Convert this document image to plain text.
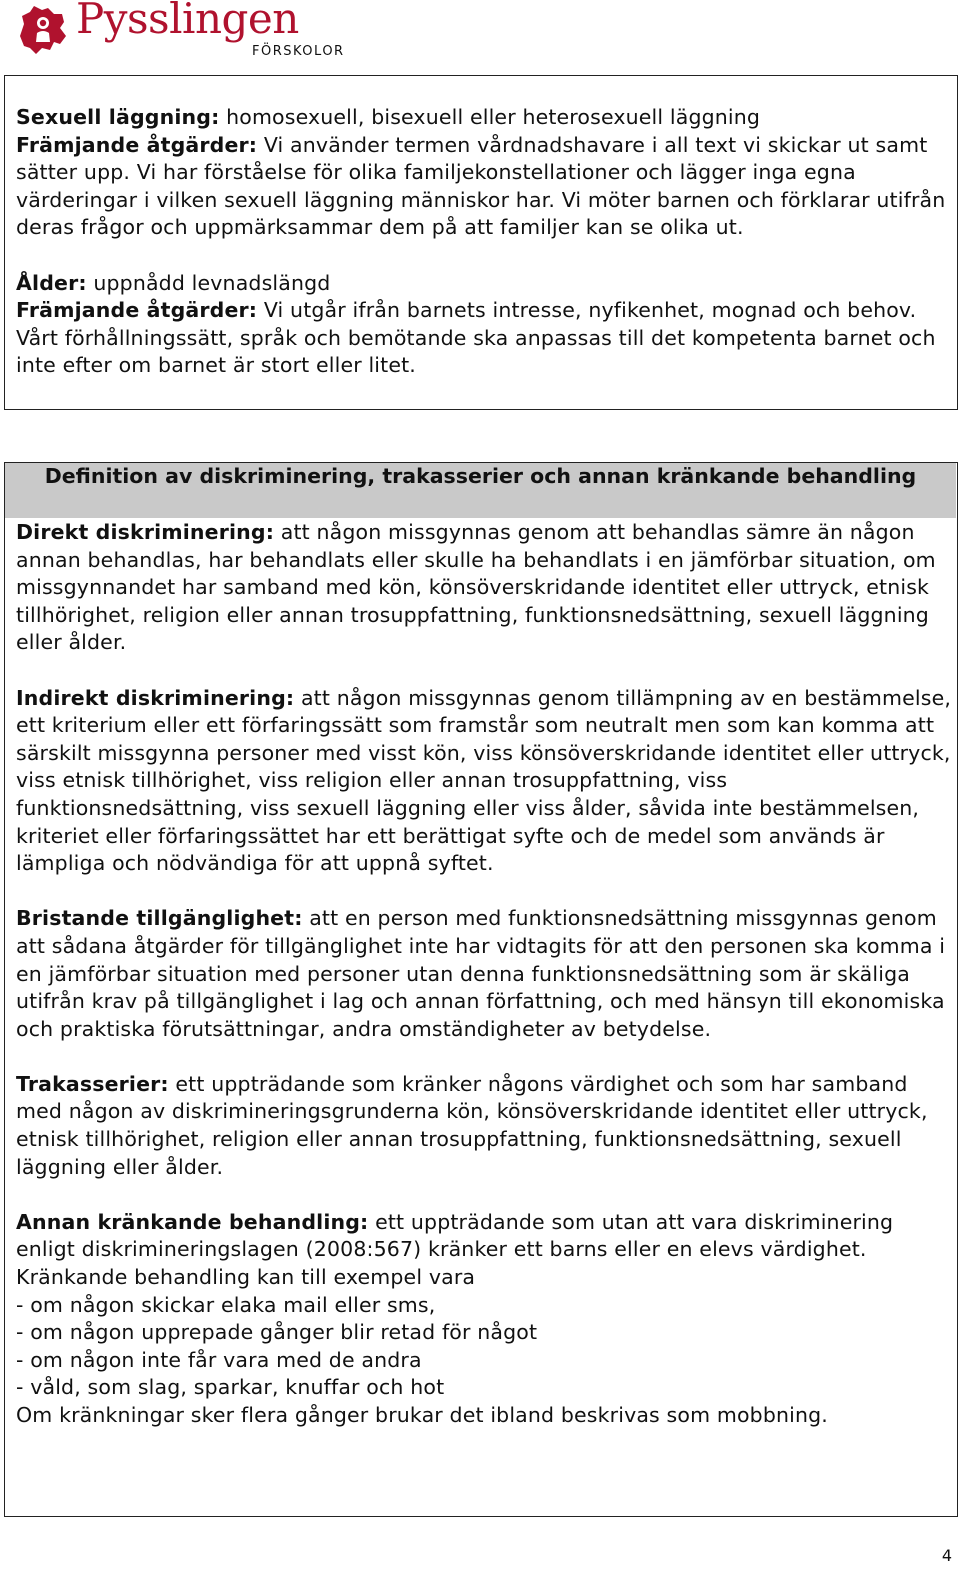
Pysslingen
FÖRSKOLOR

Sexuell läggning: homosexuell, bisexuell eller heterosexuell läggning
Främjande åtgärder: Vi använder termen vårdnadshavare i all text vi skickar ut samt sätter upp. Vi har förståelse för olika familjekonstellationer och lägger inga egna värderingar i vilken sexuell läggning människor har. Vi möter barnen och förklarar utifrån deras frågor och uppmärksammar dem på att familjer kan se olika ut.

Ålder: uppnådd levnadslängd
Främjande åtgärder: Vi utgår ifrån barnets intresse, nyfikenhet, mognad och behov. Vårt förhållningssätt, språk och bemötande ska anpassas till det kompetenta barnet och inte efter om barnet är stort eller litet.

Definition av diskriminering, trakasserier och annan kränkande behandling

Direkt diskriminering: att någon missgynnas genom att behandlas sämre än någon annan behandlas, har behandlats eller skulle ha behandlats i en jämförbar situation, om missgynnandet har samband med kön, könsöverskridande identitet eller uttryck, etnisk tillhörighet, religion eller annan trosuppfattning, funktionsnedsättning, sexuell läggning eller ålder.

Indirekt diskriminering: att någon missgynnas genom tillämpning av en bestämmelse, ett kriterium eller ett förfaringssätt som framstår som neutralt men som kan komma att särskilt missgynna personer med visst kön, viss könsöverskridande identitet eller uttryck, viss etnisk tillhörighet, viss religion eller annan trosuppfattning, viss funktionsnedsättning, viss sexuell läggning eller viss ålder, såvida inte bestämmelsen, kriteriet eller förfaringssättet har ett berättigat syfte och de medel som används är lämpliga och nödvändiga för att uppnå syftet.

Bristande tillgänglighet: att en person med funktionsnedsättning missgynnas genom att sådana åtgärder för tillgänglighet inte har vidtagits för att den personen ska komma i en jämförbar situation med personer utan denna funktionsnedsättning som är skäliga utifrån krav på tillgänglighet i lag och annan författning, och med hänsyn till ekonomiska och praktiska förutsättningar, andra omständigheter av betydelse.

Trakasserier: ett uppträdande som kränker någons värdighet och som har samband med någon av diskrimineringsgrunderna kön, könsöverskridande identitet eller uttryck, etnisk tillhörighet, religion eller annan trosuppfattning, funktionsnedsättning, sexuell läggning eller ålder.

Annan kränkande behandling: ett uppträdande som utan att vara diskriminering enligt diskrimineringslagen (2008:567) kränker ett barns eller en elevs värdighet.
Kränkande behandling kan till exempel vara
- om någon skickar elaka mail eller sms,
- om någon upprepade gånger blir retad för något
- om någon inte får vara med de andra
- våld, som slag, sparkar, knuffar och hot
Om kränkningar sker flera gånger brukar det ibland beskrivas som mobbning.

4
